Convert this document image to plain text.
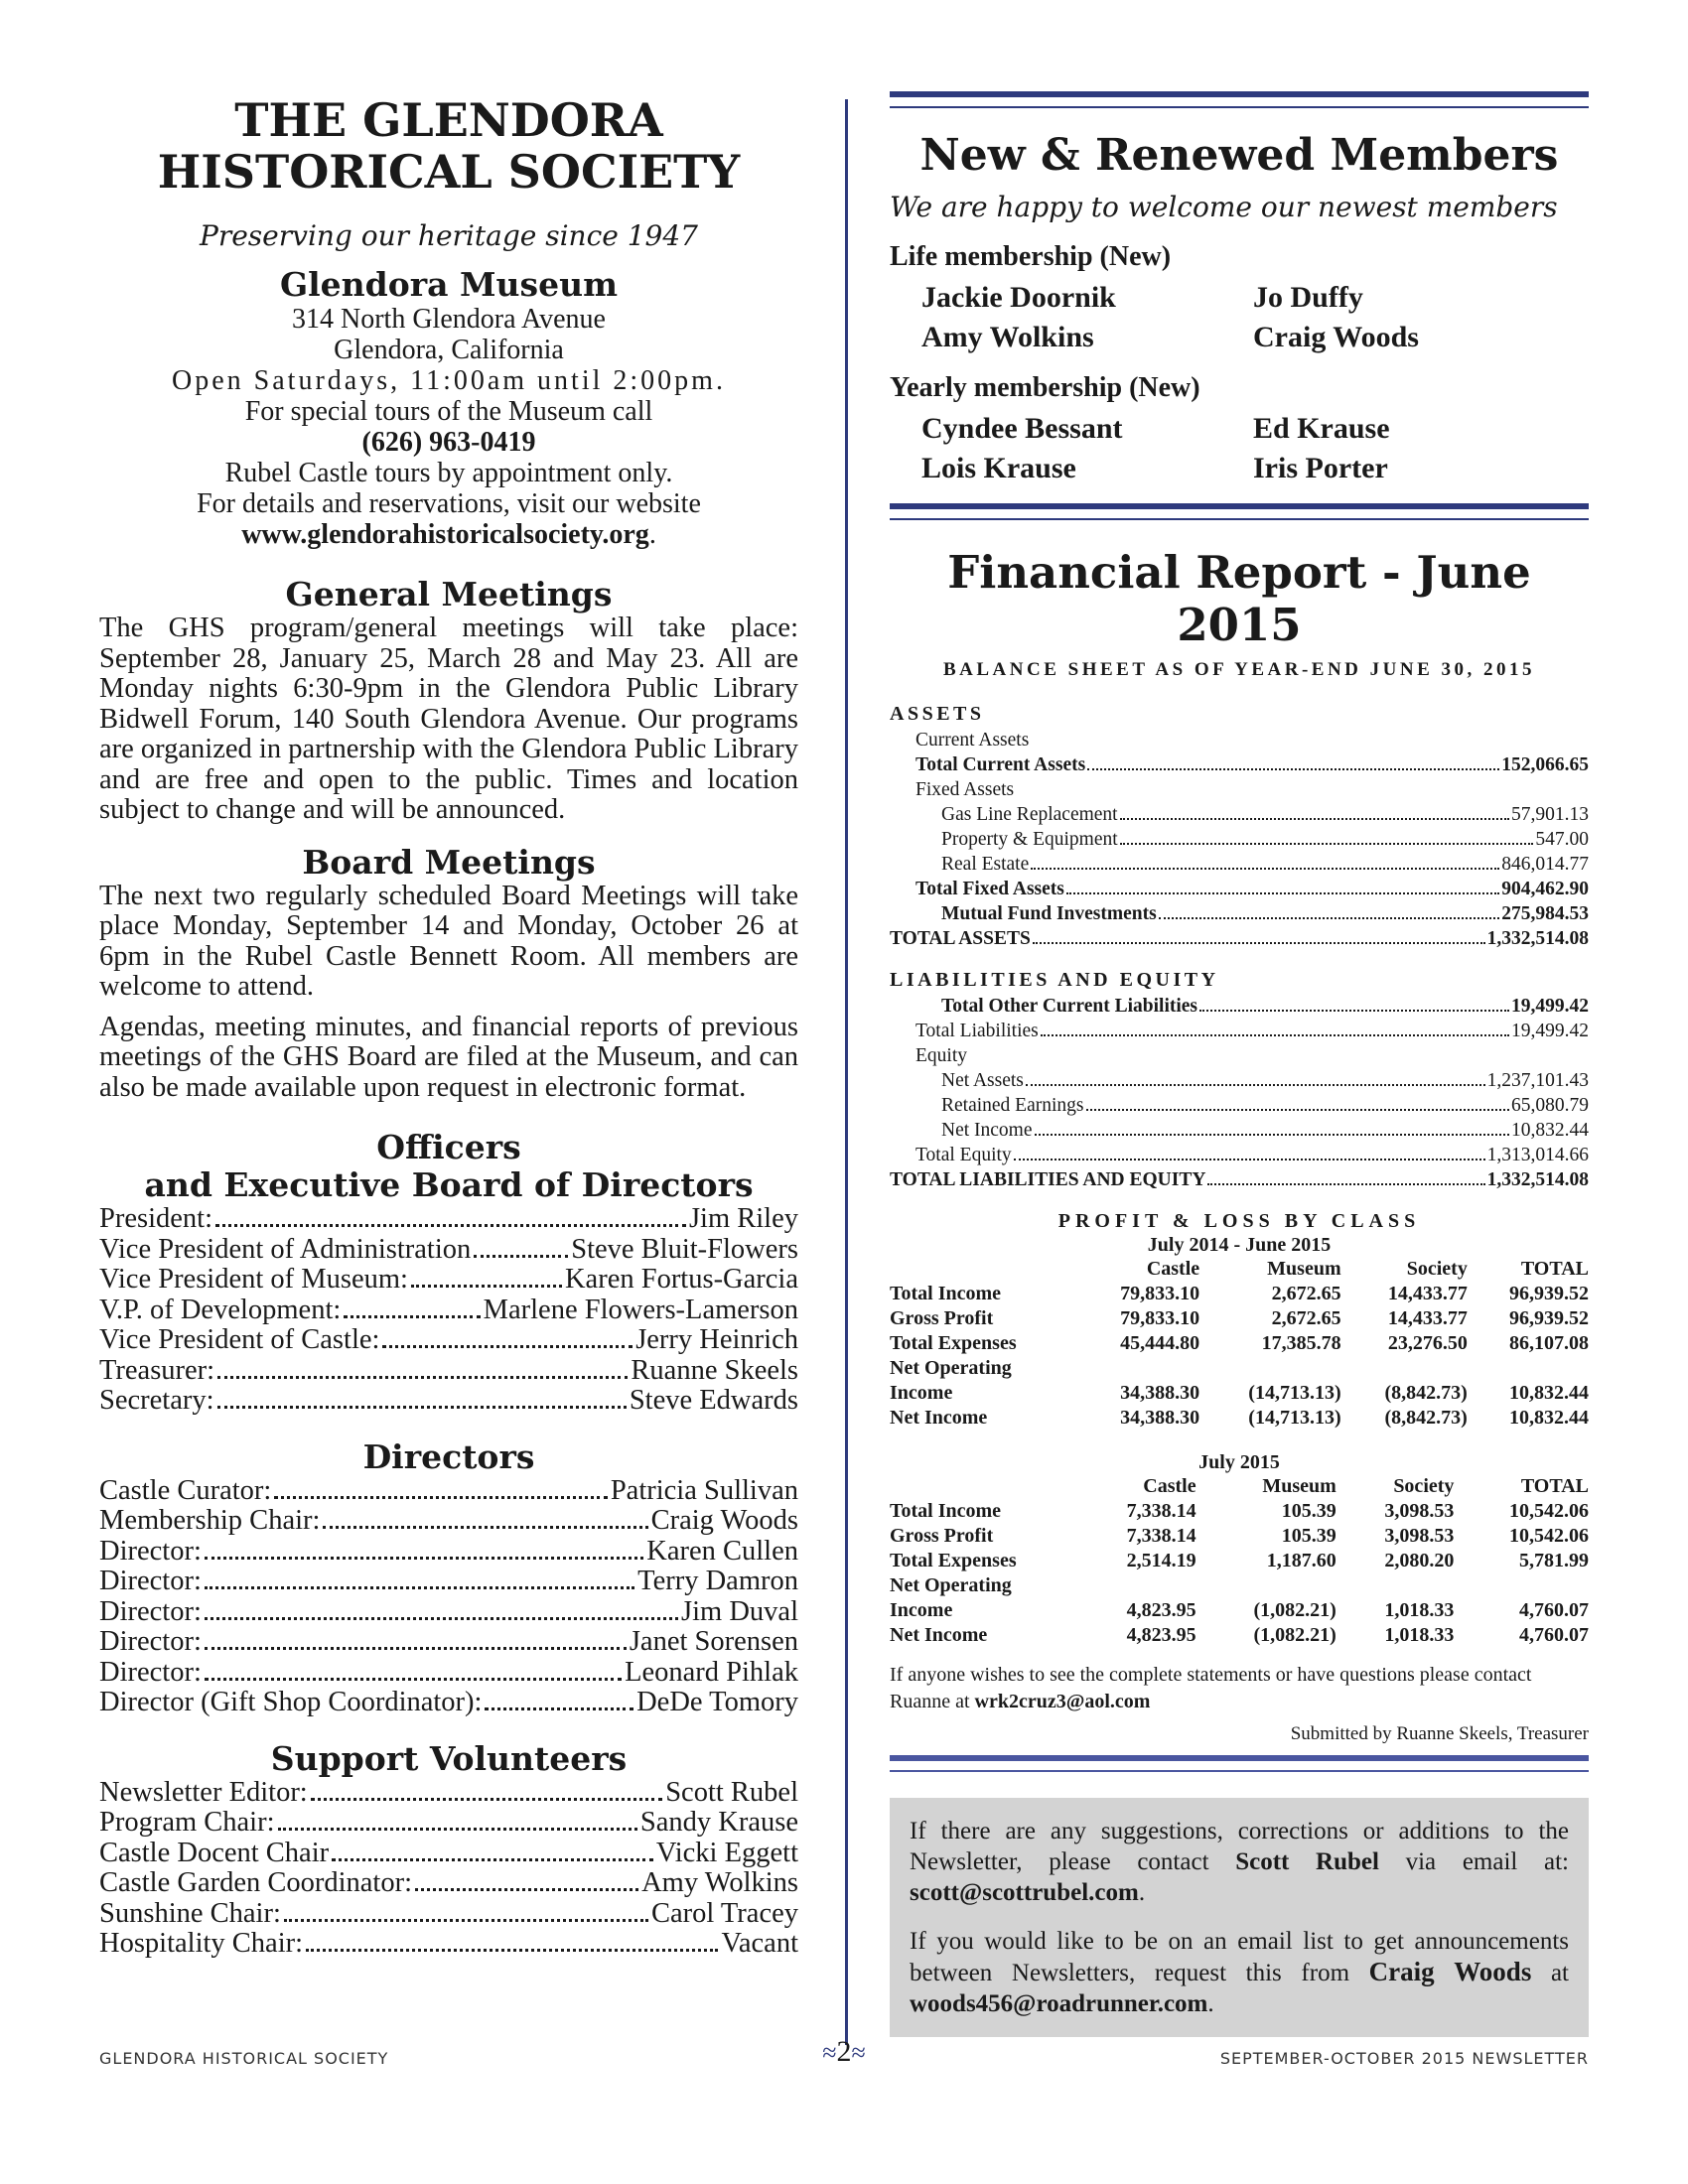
THE GLENDORA
HISTORICAL SOCIETY
Preserving our heritage since 1947
Glendora Museum
314 North Glendora Avenue
Glendora, California
Open Saturdays, 11:00am until 2:00pm.
For special tours of the Museum call
(626) 963-0419
Rubel Castle tours by appointment only.
For details and reservations, visit our website
www.glendorahistoricalsociety.org.
General Meetings

The GHS program/general meetings will take place: September 28, January 25, March 28 and May 23. All are Monday nights 6:30-9pm in the Glendora Public Library Bidwell Forum, 140 South Glendora Avenue. Our programs are organized in partnership with the Glendora Public Library and are free and open to the public. Times and location subject to change and will be announced.

Board Meetings

The next two regularly scheduled Board Meetings will take place Monday, September 14 and Monday, October 26 at 6pm in the Rubel Castle Bennett Room. All members are welcome to attend.

Agendas, meeting minutes, and financial reports of previous meetings of the GHS Board are filed at the Museum, and can also be made available upon request in electronic format.

Officers
and Executive Board of Directors
President:	Jim Riley
Vice President of Administration	Steve Bluit-Flowers
Vice President of Museum:	Karen Fortus-Garcia
V.P. of Development:	Marlene Flowers-Lamerson
Vice President of Castle:	Jerry Heinrich
Treasurer:	Ruanne Skeels
Secretary:	Steve Edwards
Directors
Castle Curator:	Patricia Sullivan
Membership Chair:	Craig Woods
Director:	Karen Cullen
Director:	Terry Damron
Director:	Jim Duval
Director:	Janet Sorensen
Director:	Leonard Pihlak
Director (Gift Shop Coordinator):	DeDe Tomory
Support Volunteers
Newsletter Editor:	Scott Rubel
Program Chair:	Sandy Krause
Castle Docent Chair	Vicki Eggett
Castle Garden Coordinator:	Amy Wolkins
Sunshine Chair:	Carol Tracey
Hospitality Chair:	Vacant
New & Renewed Members
We are happy to welcome our newest members
Life membership (New)
Jackie Doornik	Jo Duffy
Amy Wolkins	Craig Woods
Yearly membership (New)
Cyndee Bessant	Ed Krause
Lois Krause	Iris Porter
Financial Report - June 2015
BALANCE SHEET AS OF YEAR-END JUNE 30, 2015
ASSETS
Current Assets
Total Current Assets	152,066.65
Fixed Assets
Gas Line Replacement	57,901.13
Property & Equipment	547.00
Real Estate	846,014.77
Total Fixed Assets	904,462.90
Mutual Fund Investments	275,984.53
TOTAL ASSETS	1,332,514.08
LIABILITIES AND EQUITY
Total Other Current Liabilities	19,499.42
Total Liabilities	19,499.42
Equity
Net Assets	1,237,101.43
Retained Earnings	65,080.79
Net Income	10,832.44
Total Equity	1,313,014.66
TOTAL LIABILITIES AND EQUITY	1,332,514.08
PROFIT & LOSS BY CLASS
July 2014 - June 2015
	Castle	Museum	Society	TOTAL
Total Income	79,833.10	2,672.65	14,433.77	96,939.52
Gross Profit	79,833.10	2,672.65	14,433.77	96,939.52
Total Expenses	45,444.80	17,385.78	23,276.50	86,107.08
Net Operating				
Income	34,388.30	(14,713.13)	(8,842.73)	10,832.44
Net Income	34,388.30	(14,713.13)	(8,842.73)	10,832.44
July 2015
	Castle	Museum	Society	TOTAL
Total Income	7,338.14	105.39	3,098.53	10,542.06
Gross Profit	7,338.14	105.39	3,098.53	10,542.06
Total Expenses	2,514.19	1,187.60	2,080.20	5,781.99
Net Operating				
Income	4,823.95	(1,082.21)	1,018.33	4,760.07
Net Income	4,823.95	(1,082.21)	1,018.33	4,760.07
If anyone wishes to see the complete statements or have questions please contact Ruanne at wrk2cruz3@aol.com
Submitted by Ruanne Skeels, Treasurer

If there are any suggestions, corrections or additions to the Newsletter, please contact Scott Rubel via email at: scott@scottrubel.com.

If you would like to be on an email list to get announcements between Newsletters, request this from Craig Woods at woods456@roadrunner.com.

GLENDORA HISTORICAL SOCIETY	≈2≈	SEPTEMBER-OCTOBER 2015 NEWSLETTER
